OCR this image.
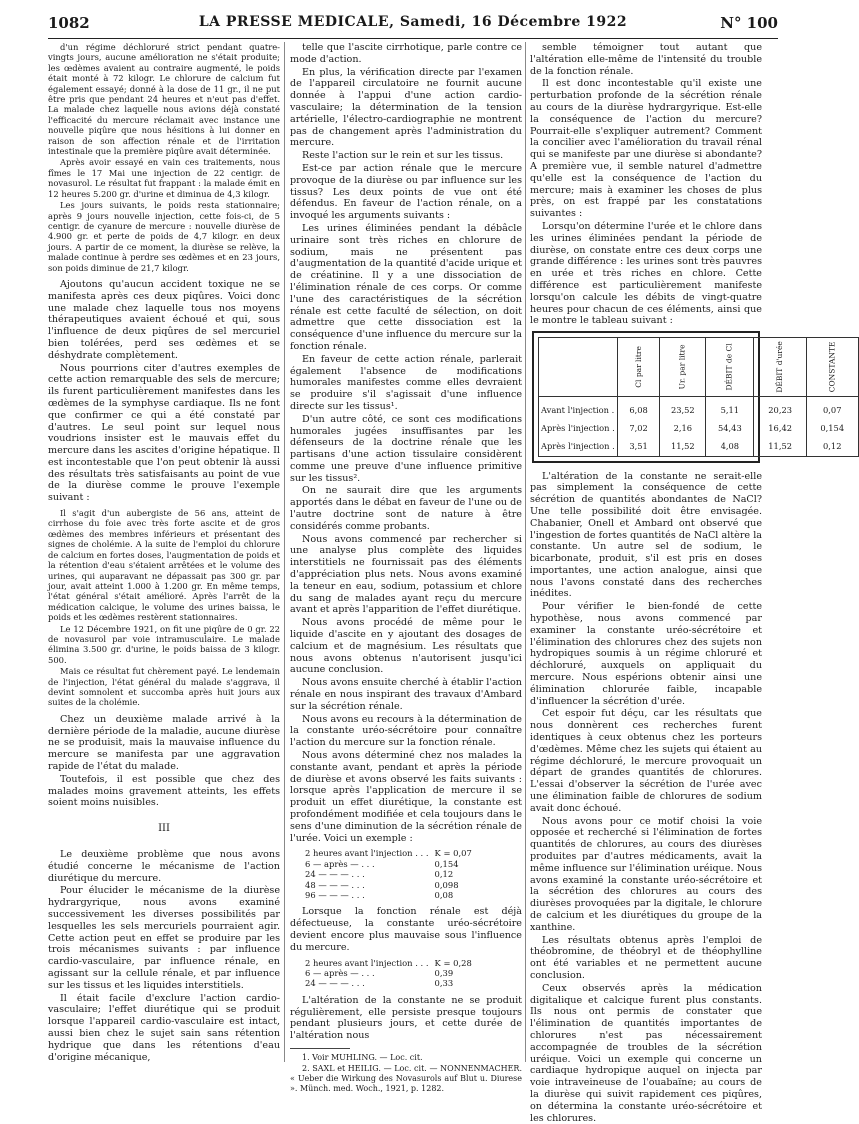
1082	LA PRESSE MEDICALE, Samedi, 16 Décembre 1922	N° 100

d'un régime déchloruré strict pendant quatre-vingts jours, aucune amélioration ne s'était produite; les œdèmes avaient au contraire augmenté, le poids était monté à 72 kilogr. Le chlorure de calcium fut également essayé; donné à la dose de 11 gr., il ne put être pris que pendant 24 heures et n'eut pas d'effet. La malade chez laquelle nous avions déjà constaté l'efficacité du mercure réclamait avec instance une nouvelle piqûre que nous hésitions à lui donner en raison de son affection rénale et de l'irritation intestinale que la première piqûre avait déterminée.

Après avoir essayé en vain ces traitements, nous fîmes le 17 Mai une injection de 22 centigr. de novasurol. Le résultat fut frappant : la malade émit en 12 heures 5.200 gr. d'urine et diminua de 4,3 kilogr.

Les jours suivants, le poids resta stationnaire; après 9 jours nouvelle injection, cette fois-ci, de 5 centigr. de cyanure de mercure : nouvelle diurèse de 4.900 gr. et perte de poids de 4,7 kilogr. en deux jours. A partir de ce moment, la diurèse se relève, la malade continue à perdre ses œdèmes et en 23 jours, son poids diminue de 21,7 kilogr.

Ajoutons qu'aucun accident toxique ne se manifesta après ces deux piqûres. Voici donc une malade chez laquelle tous nos moyens thérapeutiques avaient échoué et qui, sous l'influence de deux piqûres de sel mercuriel bien tolérées, perd ses œdèmes et se déshydrate complètement.

Nous pourrions citer d'autres exemples de cette action remarquable des sels de mercure; ils furent particulièrement manifestes dans les œdèmes de la symphyse cardiaque. Ils ne font que confirmer ce qui a été constaté par d'autres. Le seul point sur lequel nous voudrions insister est le mauvais effet du mercure dans les ascites d'origine hépatique. Il est incontestable que l'on peut obtenir là aussi des résultats très satisfaisants au point de vue de la diurèse comme le prouve l'exemple suivant :

Il s'agit d'un aubergiste de 56 ans, atteint de cirrhose du foie avec très forte ascite et de gros œdèmes des membres inférieurs et présentant des signes de cholémie. A la suite de l'emploi du chlorure de calcium en fortes doses, l'augmentation de poids et la rétention d'eau s'étaient arrêtées et le volume des urines, qui auparavant ne dépassait pas 300 gr. par jour, avait atteint 1.000 à 1.200 gr. En même temps, l'état général s'était amélioré. Après l'arrêt de la médication calcique, le volume des urines baissa, le poids et les œdèmes restèrent stationnaires.

Le 12 Décembre 1921, on fit une piqûre de 0 gr. 22 de novasurol par voie intramusculaire. Le malade élimina 3.500 gr. d'urine, le poids baissa de 3 kilogr. 500.

Mais ce résultat fut chèrement payé. Le lendemain de l'injection, l'état général du malade s'aggrava, il devint somnolent et succomba après huit jours aux suites de la cholémie.

Chez un deuxième malade arrivé à la dernière période de la maladie, aucune diurèse ne se produisit, mais la mauvaise influence du mercure se manifesta par une aggravation rapide de l'état du malade.

Toutefois, il est possible que chez des malades moins gravement atteints, les effets soient moins nuisibles.

III

Le deuxième problème que nous avons étudié concerne le mécanisme de l'action diurétique du mercure.

Pour élucider le mécanisme de la diurèse hydrargyrique, nous avons examiné successivement les diverses possibilités par lesquelles les sels mercuriels pourraient agir. Cette action peut en effet se produire par les trois mécanismes suivants : par influence cardio-vasculaire, par influence rénale, en agissant sur la cellule rénale, et par influence sur les tissus et les liquides interstitiels.

Il était facile d'exclure l'action cardio-vasculaire; l'effet diurétique qui se produit lorsque l'appareil cardio-vasculaire est intact, aussi bien chez le sujet sain sans rétention hydrique que dans les rétentions d'eau d'origine mécanique,

telle que l'ascite cirrhotique, parle contre ce mode d'action.

En plus, la vérification directe par l'examen de l'appareil circulatoire ne fournit aucune donnée à l'appui d'une action cardio-vasculaire; la détermination de la tension artérielle, l'électro-cardiographie ne montrent pas de changement après l'administration du mercure.

Reste l'action sur le rein et sur les tissus.

Est-ce par action rénale que le mercure provoque de la diurèse ou par influence sur les tissus? Les deux points de vue ont été défendus. En faveur de l'action rénale, on a invoqué les arguments suivants :

Les urines éliminées pendant la débâcle urinaire sont très riches en chlorure de sodium, mais ne présentent pas d'augmentation de la quantité d'acide urique et de créatinine. Il y a une dissociation de l'élimination rénale de ces corps. Or comme l'une des caractéristiques de la sécrétion rénale est cette faculté de sélection, on doit admettre que cette dissociation est la conséquence d'une influence du mercure sur la fonction rénale.

En faveur de cette action rénale, parlerait également l'absence de modifications humorales manifestes comme elles devraient se produire s'il s'agissait d'une influence directe sur les tissus¹.

D'un autre côté, ce sont ces modifications humorales jugées insuffisantes par les défenseurs de la doctrine rénale que les partisans d'une action tissulaire considèrent comme une preuve d'une influence primitive sur les tissus².

On ne saurait dire que les arguments apportés dans le débat en faveur de l'une ou de l'autre doctrine sont de nature à être considérés comme probants.

Nous avons commencé par rechercher si une analyse plus complète des liquides interstitiels ne fournissait pas des éléments d'appréciation plus nets. Nous avons examiné la teneur en eau, sodium, potassium et chlore du sang de malades ayant reçu du mercure avant et après l'apparition de l'effet diurétique.

Nous avons procédé de même pour le liquide d'ascite en y ajoutant des dosages de calcium et de magnésium. Les résultats que nous avons obtenus n'autorisent jusqu'ici aucune conclusion.

Nous avons ensuite cherché à établir l'action rénale en nous inspirant des travaux d'Ambard sur la sécrétion rénale.

Nous avons eu recours à la détermination de la constante uréo-sécrétoire pour connaître l'action du mercure sur la fonction rénale.

Nous avons déterminé chez nos malades la constante avant, pendant et après la période de diurèse et avons observé les faits suivants : lorsque après l'application de mercure il se produit un effet diurétique, la constante est profondément modifiée et cela toujours dans le sens d'une diminution de la sécrétion rénale de l'urée. Voici un exemple :

2 heures avant l'injection . . .	K = 0,07
6 — après — . . .	0,154
24 — — — . . .	0,12
48 — — — . . .	0,098
96 — — — . . .	0,08

Lorsque la fonction rénale est déjà défectueuse, la constante uréo-sécrétoire devient encore plus mauvaise sous l'influence du mercure.

2 heures avant l'injection . . .	K = 0,28
6 — après — . . .	0,39
24 — — — . . .	0,33

L'altération de la constante ne se produit régulièrement, elle persiste presque toujours pendant plusieurs jours, et cette durée de l'altération nous

1. Voir MUHLING. — Loc. cit.

2. SAXL et HEILIG. — Loc. cit. — NONNENMACHER. « Ueber die Wirkung des Novasurols auf Blut u. Diurese ». Münch. med. Woch., 1921, p. 1282.

semble témoigner tout autant que l'altération elle-même de l'intensité du trouble de la fonction rénale.

Il est donc incontestable qu'il existe une perturbation profonde de la sécrétion rénale au cours de la diurèse hydrargyrique. Est-elle la conséquence de l'action du mercure? Pourrait-elle s'expliquer autrement? Comment la concilier avec l'amélioration du travail rénal qui se manifeste par une diurèse si abondante? A première vue, il semble naturel d'admettre qu'elle est la conséquence de l'action du mercure; mais à examiner les choses de plus près, on est frappé par les constatations suivantes :

Lorsqu'on détermine l'urée et le chlore dans les urines éliminées pendant la période de diurèse, on constate entre ces deux corps une grande différence : les urines sont très pauvres en urée et très riches en chlore. Cette différence est particulièrement manifeste lorsqu'on calcule les débits de vingt-quatre heures pour chacun de ces éléments, ainsi que le montre le tableau suivant :

	Cl par litre	Ur. par litre	DÉBIT de Cl	DÉBIT d'urée	CONSTANTE
Avant l'injection .	6,08	23,52	5,11	20,23	0,07
Après l'injection .	7,02	2,16	54,43	16,42	0,154
Après l'injection .	3,51	11,52	4,08	11,52	0,12

L'altération de la constante ne serait-elle pas simplement la conséquence de cette sécrétion de quantités abondantes de NaCl? Une telle possibilité doit être envisagée. Chabanier, Onell et Ambard ont observé que l'ingestion de fortes quantités de NaCl altère la constante. Un autre sel de sodium, le bicarbonate, produit, s'il est pris en doses importantes, une action analogue, ainsi que nous l'avons constaté dans des recherches inédites.

Pour vérifier le bien-fondé de cette hypothèse, nous avons commencé par examiner la constante uréo-sécrétoire et l'élimination des chlorures chez des sujets non hydropiques soumis à un régime chloruré et déchloruré, auxquels on appliquait du mercure. Nous espérions obtenir ainsi une élimination chlorurée faible, incapable d'influencer la sécrétion d'urée.

Cet espoir fut déçu, car les résultats que nous donnèrent ces recherches furent identiques à ceux obtenus chez les porteurs d'œdèmes. Même chez les sujets qui étaient au régime déchloruré, le mercure provoquait un départ de grandes quantités de chlorures. L'essai d'observer la sécrétion de l'urée avec une élimination faible de chlorures de sodium avait donc échoué.

Nous avons pour ce motif choisi la voie opposée et recherché si l'élimination de fortes quantités de chlorures, au cours des diurèses produites par d'autres médicaments, avait la même influence sur l'élimination uréique. Nous avons examiné la constante uréo-sécrétoire et la sécrétion des chlorures au cours des diurèses provoquées par la digitale, le chlorure de calcium et les diurétiques du groupe de la xanthine.

Les résultats obtenus après l'emploi de théobromine, de théobryl et de théophylline ont été variables et ne permettent aucune conclusion.

Ceux observés après la médication digitalique et calcique furent plus constants. Ils nous ont permis de constater que l'élimination de quantités importantes de chlorures n'est pas nécessairement accompagnée de troubles de la sécrétion uréique. Voici un exemple qui concerne un cardiaque hydropique auquel on injecta par voie intraveineuse de l'ouabaïne; au cours de la diurèse qui suivit rapidement ces piqûres, on détermina la constante uréo-sécrétoire et les chlorures.
